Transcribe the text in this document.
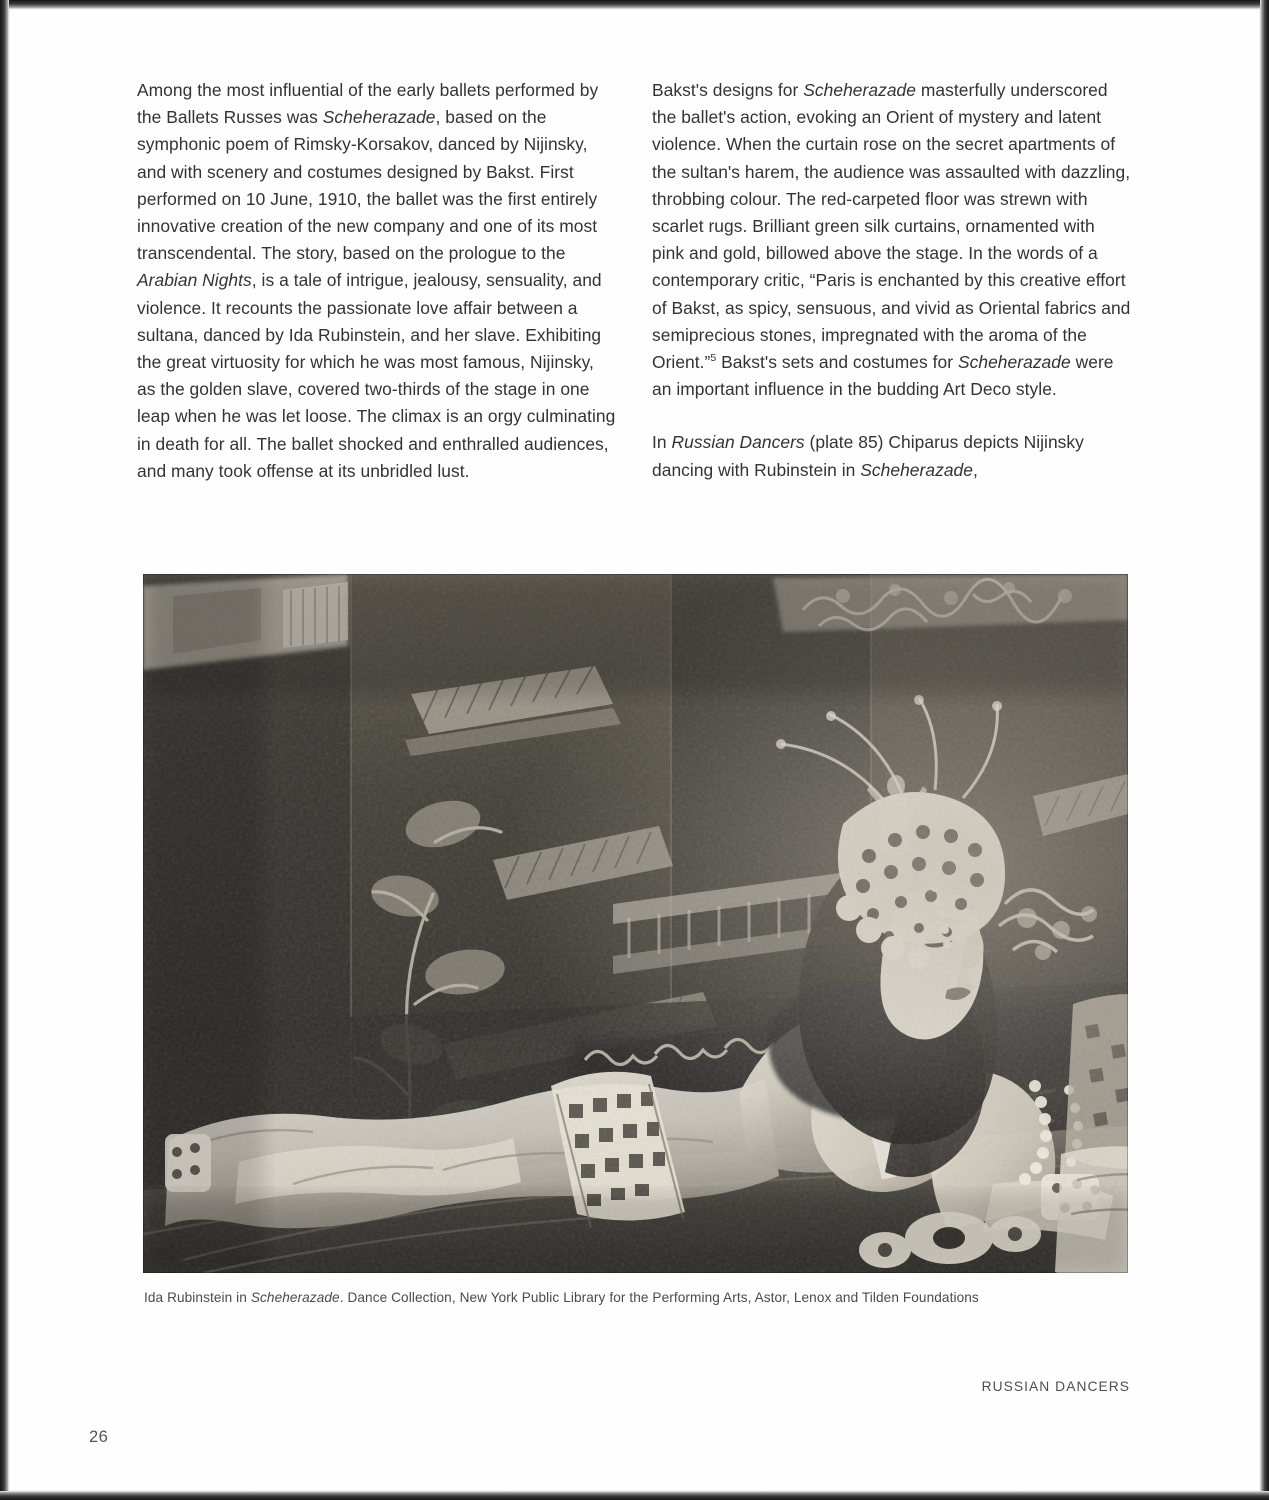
Among the most influential of the early ballets performed by the Ballets Russes was Scheherazade, based on the symphonic poem of Rimsky-Korsakov, danced by Nijinsky, and with scenery and costumes designed by Bakst. First performed on 10 June, 1910, the ballet was the first entirely innovative creation of the new company and one of its most transcendental. The story, based on the prologue to the Arabian Nights, is a tale of intrigue, jealousy, sensuality, and violence. It recounts the passionate love affair between a sultana, danced by Ida Rubinstein, and her slave. Exhibiting the great virtuosity for which he was most famous, Nijinsky, as the golden slave, covered two-thirds of the stage in one leap when he was let loose. The climax is an orgy culminating in death for all. The ballet shocked and enthralled audiences, and many took offense at its unbridled lust.

Bakst's designs for Scheherazade masterfully underscored the ballet's action, evoking an Orient of mystery and latent violence. When the curtain rose on the secret apartments of the sultan's harem, the audience was assaulted with dazzling, throbbing colour. The red-carpeted floor was strewn with scarlet rugs. Brilliant green silk curtains, ornamented with pink and gold, billowed above the stage. In the words of a contemporary critic, “Paris is enchanted by this creative effort of Bakst, as spicy, sensuous, and vivid as Oriental fabrics and semiprecious stones, impregnated with the aroma of the Orient.”$^5$ Bakst's sets and costumes for Scheherazade were an important influence in the budding Art Deco style.

In Russian Dancers (plate 85) Chiparus depicts Nijinsky dancing with Rubinstein in Scheherazade,

Ida Rubinstein in Scheherazade. Dance Collection, New York Public Library for the Performing Arts, Astor, Lenox and Tilden Foundations
RUSSIAN DANCERS
26
